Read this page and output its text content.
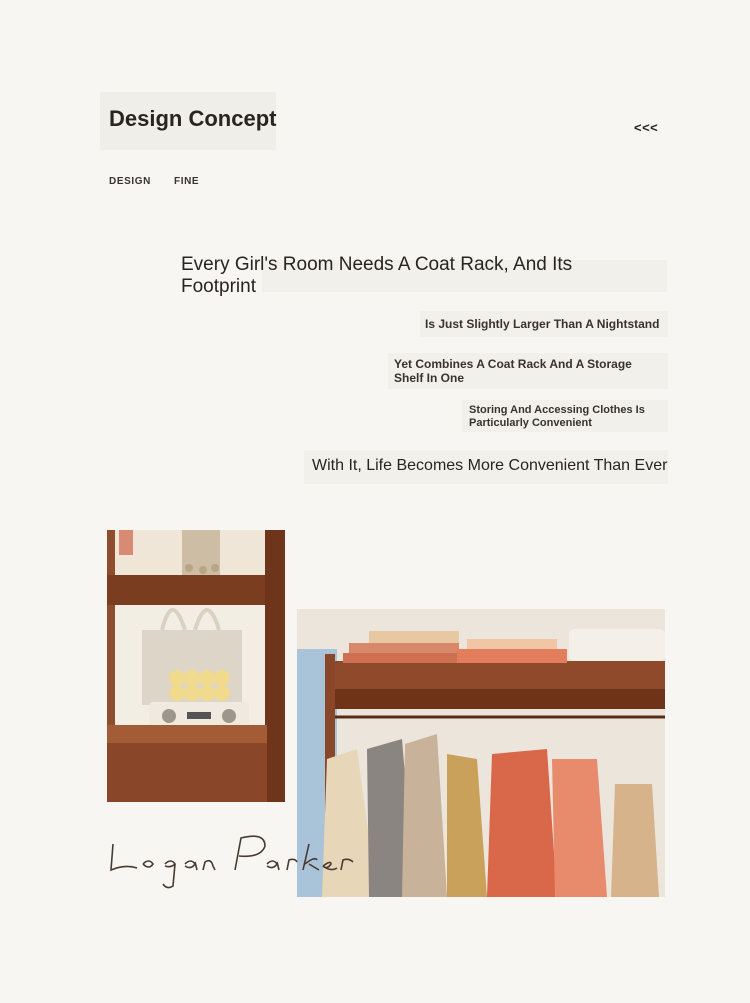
Design Concept	<<<
DESIGN FINE
Every Girl's Room Needs A Coat Rack, And Its Footprint
Is Just Slightly Larger Than A Nightstand
Yet Combines A Coat Rack And A Storage Shelf In One
Storing And Accessing Clothes Is Particularly Convenient
With It, Life Becomes More Convenient Than Ever
